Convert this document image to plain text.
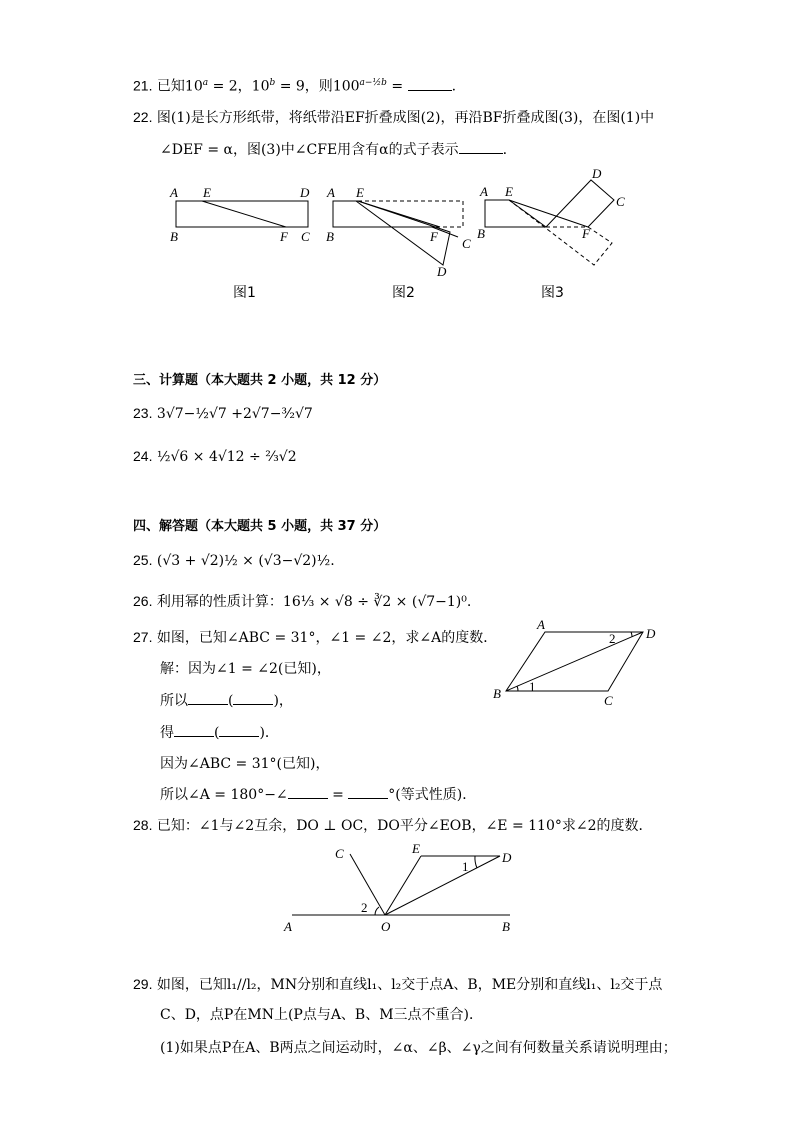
21. 已知$10^a = 2$，$10^b = 9$，则$100^{a-\frac{1}{2}b}$ =	.
22. 图(1)是长方形纸带，将纸带沿EF折叠成图(2)，再沿BF折叠成图(3)，在图(1)中
∠DEF = α，图(3)中∠CFE用含有α的式子表示	.
A E	D
B	F C
A E
B	F C
D
A E
B	F
D
C
图1	图2	图3
三、计算题（本大题共 2 小题，共 12 分）
23. 3√7−½√7 +2√7−³⁄₂√7
24. ½√6 × 4√12 ÷ ⅔√2
四、解答题（本大题共 5 小题，共 37 分）
25. (√3 + √2)½ × (√3−√2)½.
26. 利用幂的性质计算：16⅓ × √8 ÷ ∛2 × (√7−1)⁰.
27. 如图，已知∠ABC = 31°，∠1 = ∠2，求∠A的度数．
解：因为∠1 = ∠2(已知)，
所以	(	)，
得	(	)．
因为∠ABC = 31°(已知)，
所以∠A = 180°−∠	=	°(等式性质)．
A
D
B	C
1
2
28. 已知：∠1与∠2互余，DO ⊥ OC，DO平分∠EOB，∠E = 110°求∠2的度数．
C	E
D
A	O	B
1
2
29. 如图，已知l₁//l₂，MN分别和直线l₁、l₂交于点A、B，ME分别和直线l₁、l₂交于点
C、D，点P在MN上(P点与A、B、M三点不重合)．
(1)如果点P在A、B两点之间运动时，∠α、∠β、∠γ之间有何数量关系请说明理由；
